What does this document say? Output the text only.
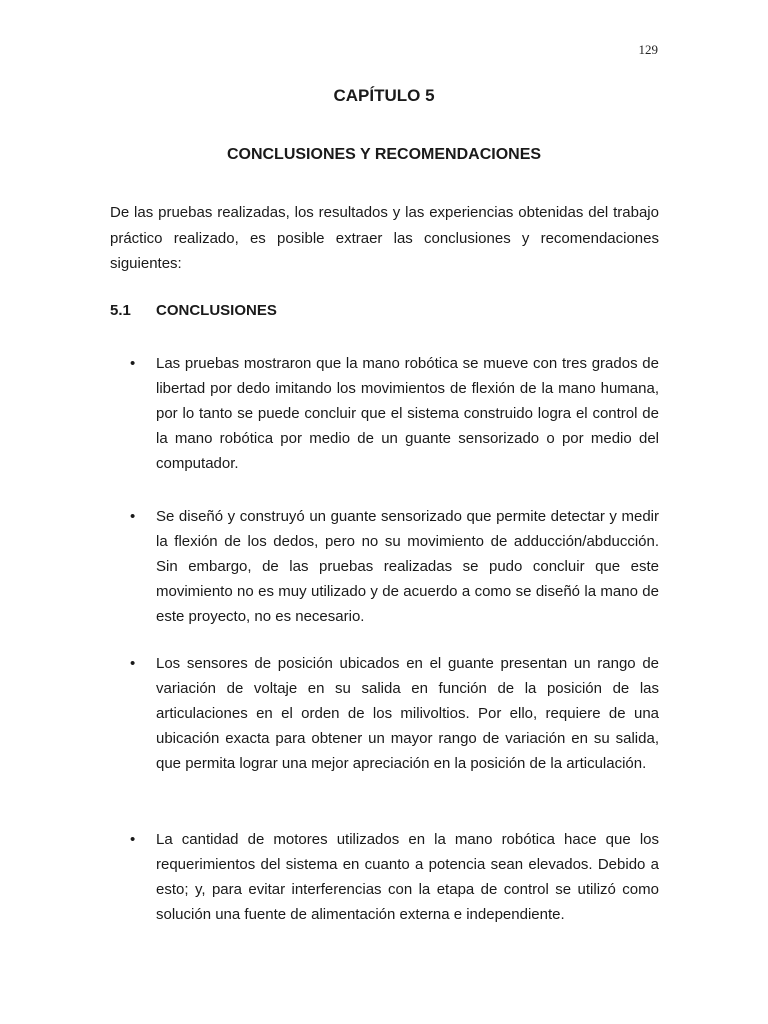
129
CAPÍTULO 5
CONCLUSIONES Y RECOMENDACIONES

De las pruebas realizadas, los resultados y las experiencias obtenidas del trabajo práctico realizado, es posible extraer las conclusiones y recomendaciones siguientes:

5.1 CONCLUSIONES
• Las pruebas mostraron que la mano robótica se mueve con tres grados de libertad por dedo imitando los movimientos de flexión de la mano humana, por lo tanto se puede concluir que el sistema construido logra el control de la mano robótica por medio de un guante sensorizado o por medio del computador.

• Se diseñó y construyó un guante sensorizado que permite detectar y medir la flexión de los dedos, pero no su movimiento de adducción/abducción. Sin embargo, de las pruebas realizadas se pudo concluir que este movimiento no es muy utilizado y de acuerdo a como se diseñó la mano de este proyecto, no es necesario.

• Los sensores de posición ubicados en el guante presentan un rango de variación de voltaje en su salida en función de la posición de las articulaciones en el orden de los milivoltios. Por ello, requiere de una ubicación exacta para obtener un mayor rango de variación en su salida, que permita lograr una mejor apreciación en la posición de la articulación.

• La cantidad de motores utilizados en la mano robótica hace que los requerimientos del sistema en cuanto a potencia sean elevados. Debido a esto; y, para evitar interferencias con la etapa de control se utilizó como solución una fuente de alimentación externa e independiente.
